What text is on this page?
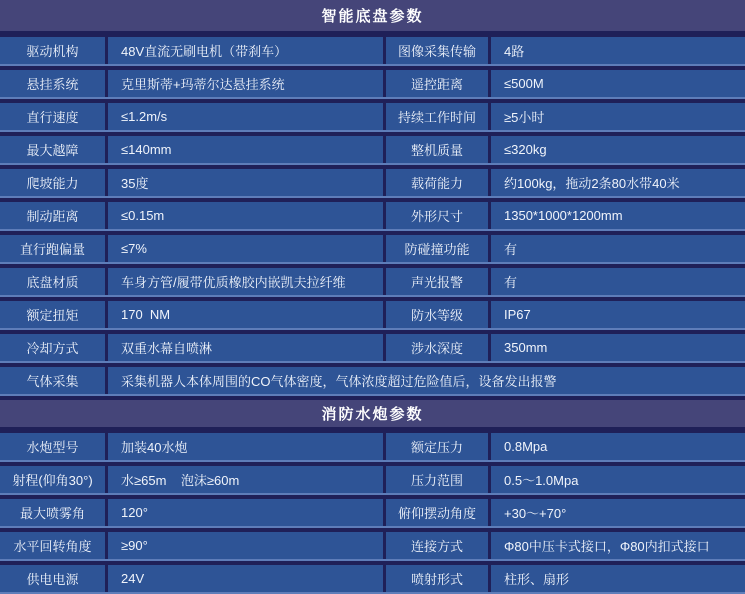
智能底盘参数
驱动机构	48V直流无刷电机（带刹车）	图像采集传输	4路
悬挂系统	克里斯蒂+玛蒂尔达悬挂系统	遥控距离	≤500M
直行速度	≤1.2m/s	持续工作时间	≥5小时
最大越障	≤140mm	整机质量	≤320kg
爬坡能力	35度	载荷能力	约100kg，拖动2条80水带40米
制动距离	≤0.15m	外形尺寸	1350*1000*1200mm
直行跑偏量	≤7%	防碰撞功能	有
底盘材质	车身方管/履带优质橡胶内嵌凯夫拉纤维	声光报警	有
额定扭矩	170  NM	防水等级	IP67
冷却方式	双重水幕自喷淋	涉水深度	350mm
气体采集	采集机器人本体周围的CO气体密度，气体浓度超过危险值后，设备发出报警
消防水炮参数
水炮型号	加装40水炮	额定压力	0.8Mpa
射程(仰角30°)	水≥65m    泡沫≥60m	压力范围	0.5～1.0Mpa
最大喷雾角	120°	俯仰摆动角度	+30～+70°
水平回转角度	≥90°	连接方式	Φ80中压卡式接口，Φ80内扣式接口
供电电源	24V	喷射形式	柱形、扇形
